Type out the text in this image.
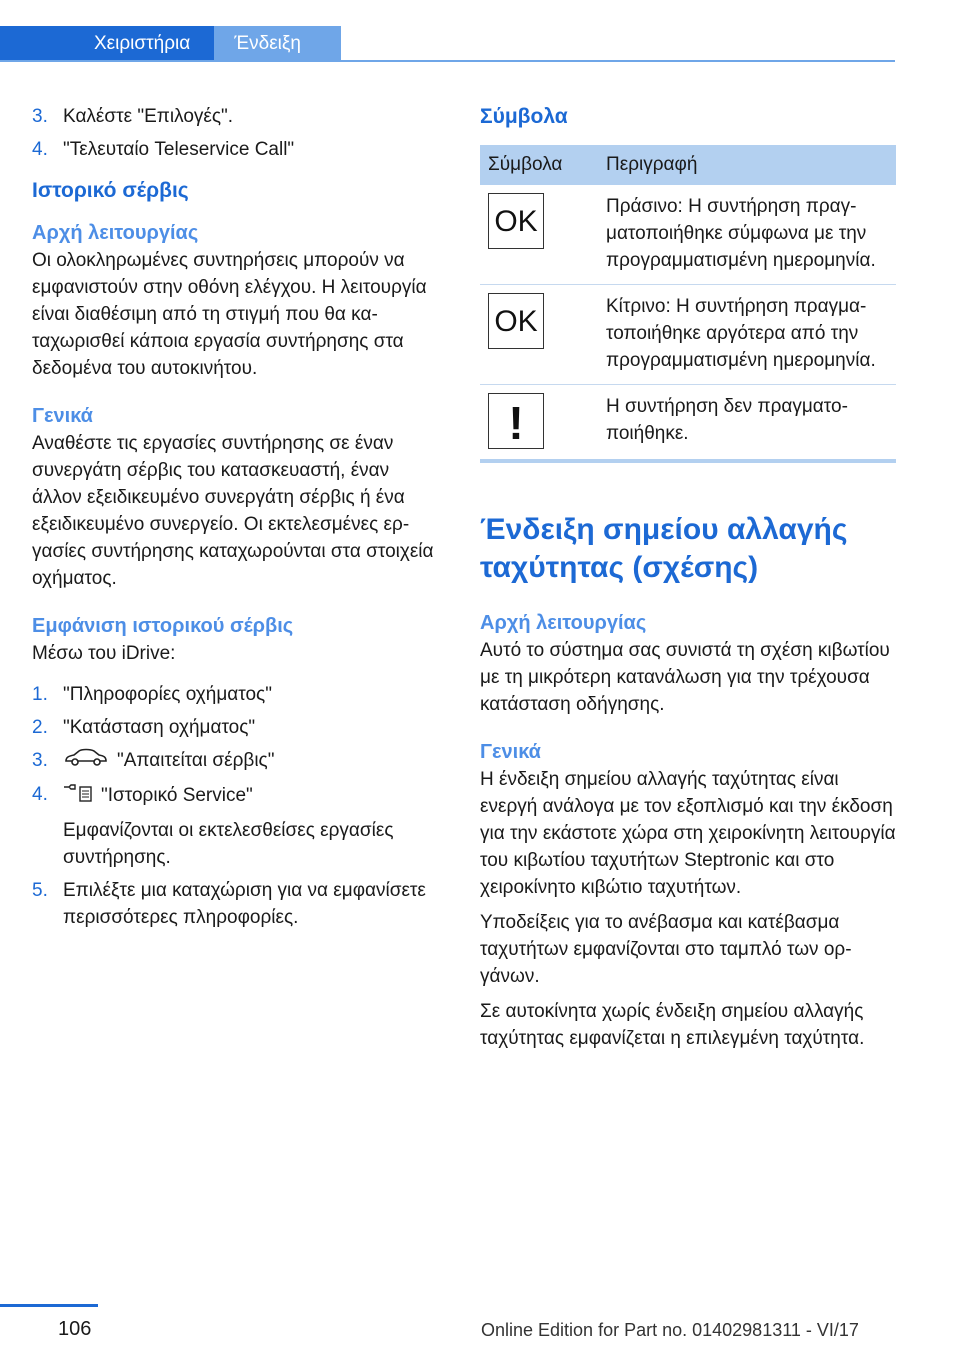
Χειριστήρια Ένδειξη
3. Καλέστε "Επιλογές".
4. "Τελευταίο Teleservice Call"
Ιστορικό σέρβις
Αρχή λειτουργίας
Οι ολοκληρωμένες συντηρήσεις μπορούν να εμφανιστούν στην οθόνη ελέγχου. Η λειτουργία είναι διαθέσιμη από τη στιγμή που θα καταχωρισθεί κάποια εργασία συντήρησης στα δεδομένα του αυτοκινήτου.
Γενικά
Αναθέστε τις εργασίες συντήρησης σε έναν συνεργάτη σέρβις του κατασκευαστή, έναν άλλον εξειδικευμένο συνεργάτη σέρβις ή ένα εξειδικευμένο συνεργείο. Οι εκτελεσμένες εργασίες συντήρησης καταχωρούνται στα στοιχεία οχήματος.
Εμφάνιση ιστορικού σέρβις
Μέσω του iDrive:
1. "Πληροφορίες οχήματος"
2. "Κατάσταση οχήματος"
3.	"Απαιτείται σέρβις"
4.	"Ιστορικό Service"
Εμφανίζονται οι εκτελεσθείσες εργασίες συντήρησης.
5. Επιλέξτε μια καταχώριση για να εμφανίσετε περισσότερες πληροφορίες.
Σύμβολα
Σύμβολα	Περιγραφή

OK	Πράσινο: Η συντήρηση πραγματοποιήθηκε σύμφωνα με την προγραμματισμένη ημερομηνία.

OK	Κίτρινο: Η συντήρηση πραγματοποιήθηκε αργότερα από την προγραμματισμένη ημερομηνία.

!	Η συντήρηση δεν πραγματοποιήθηκε.
Ένδειξη σημείου αλλαγής ταχύτητας (σχέσης)
Αρχή λειτουργίας
Αυτό το σύστημα σας συνιστά τη σχέση κιβωτίου με τη μικρότερη κατανάλωση για την τρέχουσα κατάσταση οδήγησης.
Γενικά
Η ένδειξη σημείου αλλαγής ταχύτητας είναι ενεργή ανάλογα με τον εξοπλισμό και την έκδοση για την εκάστοτε χώρα στη χειροκίνητη λειτουργία του κιβωτίου ταχυτήτων Steptronic και στο χειροκίνητο κιβώτιο ταχυτήτων.
Υποδείξεις για το ανέβασμα και κατέβασμα ταχυτήτων εμφανίζονται στο ταμπλό των οργάνων.
Σε αυτοκίνητα χωρίς ένδειξη σημείου αλλαγής ταχύτητας εμφανίζεται η επιλεγμένη ταχύτητα.
106	Online Edition for Part no. 01402981311 - VI/17
